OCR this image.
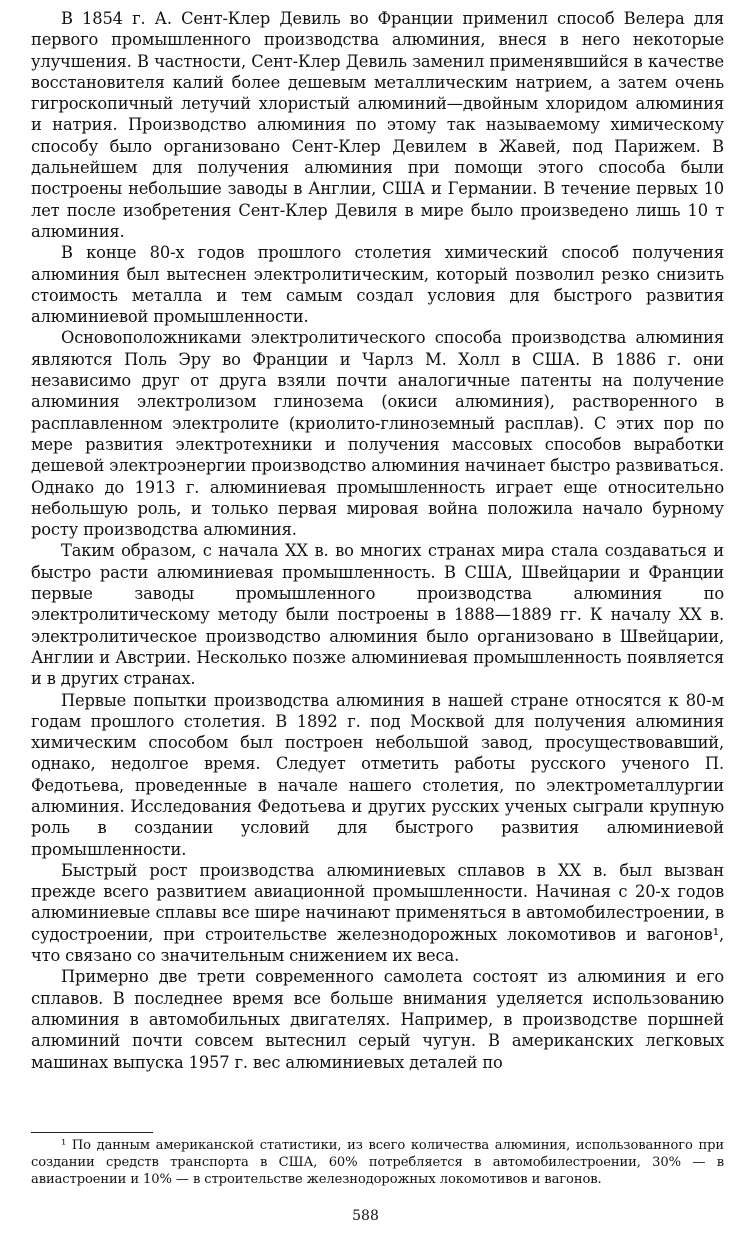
В 1854 г. А. Сент-Клер Девиль во Франции применил способ Велера для первого промышленного производства алюминия, внеся в него некоторые улучшения. В частности, Сент-Клер Девиль заменил применявшийся в качестве восстановителя калий более дешевым металлическим натрием, а затем очень гигроскопичный летучий хлористый алюминий—двойным хлоридом алюминия и натрия. Производство алюминия по этому так называемому химическому способу было организовано Сент-Клер Девилем в Жавей, под Парижем. В дальнейшем для получения алюминия при помощи этого способа были построены небольшие заводы в Англии, США и Германии. В течение первых 10 лет после изобретения Сент-Клер Девиля в мире было произведено лишь 10 т алюминия.

В конце 80-х годов прошлого столетия химический способ получения алюминия был вытеснен электролитическим, который позволил резко снизить стоимость металла и тем самым создал условия для быстрого развития алюминиевой промышленности.

Основоположниками электролитического способа производства алюминия являются Поль Эру во Франции и Чарлз М. Холл в США. В 1886 г. они независимо друг от друга взяли почти аналогичные патенты на получение алюминия электролизом глинозема (окиси алюминия), растворенного в расплавленном электролите (криолито-глиноземный расплав). С этих пор по мере развития электротехники и получения массовых способов выработки дешевой электроэнергии производство алюминия начинает быстро развиваться. Однако до 1913 г. алюминиевая промышленность играет еще относительно небольшую роль, и только первая мировая война положила начало бурному росту производства алюминия.

Таким образом, с начала XX в. во многих странах мира стала создаваться и быстро расти алюминиевая промышленность. В США, Швейцарии и Франции первые заводы промышленного производства алюминия по электролитическому методу были построены в 1888—1889 гг. К началу XX в. электролитическое производство алюминия было организовано в Швейцарии, Англии и Австрии. Несколько позже алюминиевая промышленность появляется и в других странах.

Первые попытки производства алюминия в нашей стране относятся к 80-м годам прошлого столетия. В 1892 г. под Москвой для получения алюминия химическим способом был построен небольшой завод, просуществовавший, однако, недолгое время. Следует отметить работы русского ученого П. Федотьева, проведенные в начале нашего столетия, по электрометаллургии алюминия. Исследования Федотьева и других русских ученых сыграли крупную роль в создании условий для быстрого развития алюминиевой промышленности.

Быстрый рост производства алюминиевых сплавов в XX в. был вызван прежде всего развитием авиационной промышленности. Начиная с 20-х годов алюминиевые сплавы все шире начинают применяться в автомобилестроении, в судостроении, при строительстве железнодорожных локомотивов и вагонов¹, что связано со значительным снижением их веса.

Примерно две трети современного самолета состоят из алюминия и его сплавов. В последнее время все больше внимания уделяется использованию алюминия в автомобильных двигателях. Например, в производстве поршней алюминий почти совсем вытеснил серый чугун. В американских легковых машинах выпуска 1957 г. вес алюминиевых деталей по

¹ По данным американской статистики, из всего количества алюминия, использованного при создании средств транспорта в США, 60% потребляется в автомобилестроении, 30% — в авиастроении и 10% — в строительстве железнодорожных локомотивов и вагонов.

588
